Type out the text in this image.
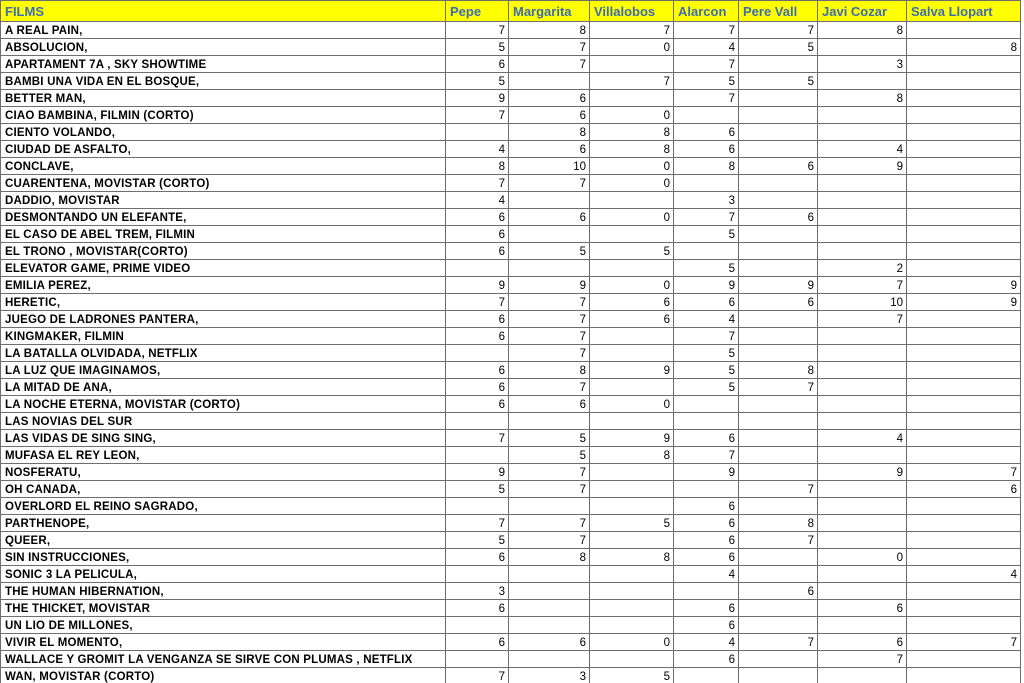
FILMS	Pepe	Margarita	Villalobos	Alarcon	Pere Vall	Javi Cozar	Salva Llopart
A REAL PAIN,	7	8	7	7	7	8	
ABSOLUCION,	5	7	0	4	5		8
APARTAMENT 7A , SKY SHOWTIME	6	7		7		3	
BAMBI UNA VIDA EN EL BOSQUE,	5		7	5	5		
BETTER MAN,	9	6		7		8	
CIAO BAMBINA, FILMIN (CORTO)	7	6	0				
CIENTO VOLANDO,		8	8	6			
CIUDAD DE ASFALTO,	4	6	8	6		4	
CONCLAVE,	8	10	0	8	6	9	
CUARENTENA, MOVISTAR (CORTO)	7	7	0				
DADDIO, MOVISTAR	4			3			
DESMONTANDO UN ELEFANTE,	6	6	0	7	6		
EL CASO DE ABEL TREM, FILMIN	6			5			
EL TRONO , MOVISTAR(CORTO)	6	5	5				
ELEVATOR GAME, PRIME VIDEO				5		2	
EMILIA PEREZ,	9	9	0	9	9	7	9
HERETIC,	7	7	6	6	6	10	9
JUEGO DE LADRONES PANTERA,	6	7	6	4		7	
KINGMAKER, FILMIN	6	7		7			
LA BATALLA OLVIDADA, NETFLIX		7		5			
LA LUZ QUE IMAGINAMOS,	6	8	9	5	8		
LA MITAD DE ANA,	6	7		5	7		
LA NOCHE ETERNA, MOVISTAR (CORTO)	6	6	0				
LAS NOVIAS DEL SUR							
LAS VIDAS DE SING SING,	7	5	9	6		4	
MUFASA EL REY LEON,		5	8	7			
NOSFERATU,	9	7		9		9	7
OH CANADA,	5	7			7		6
OVERLORD EL REINO SAGRADO,				6			
PARTHENOPE,	7	7	5	6	8		
QUEER,	5	7		6	7		
SIN INSTRUCCIONES,	6	8	8	6		0	
SONIC 3 LA PELICULA,				4			4
THE HUMAN HIBERNATION,	3				6		
THE THICKET, MOVISTAR	6			6		6	
UN LIO DE MILLONES,				6			
VIVIR EL MOMENTO,	6	6	0	4	7	6	7
WALLACE Y GROMIT LA VENGANZA SE SIRVE CON PLUMAS , NETFLIX				6		7	
WAN, MOVISTAR (CORTO)	7	3	5				
